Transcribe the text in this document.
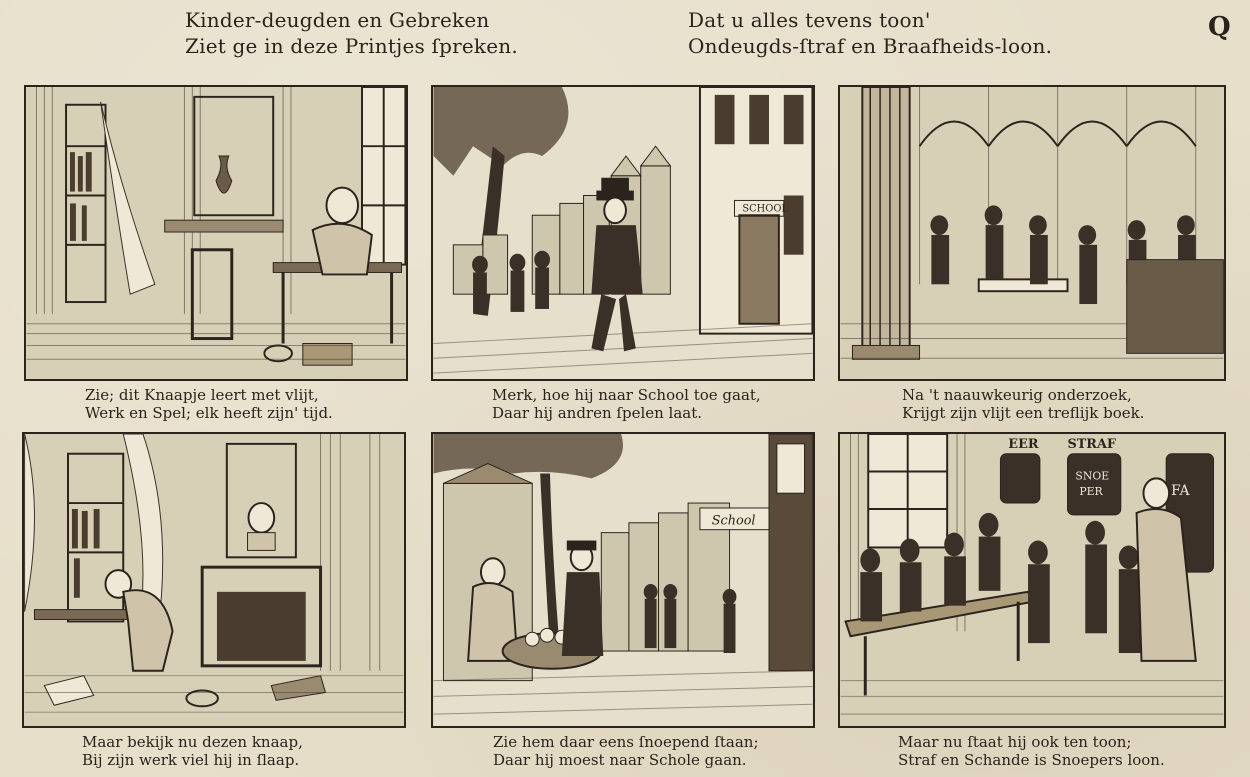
Kinder-deugden en Gebreken
Ziet ge in deze Printjes ſpreken.
Dat u alles tevens toon'
Ondeugds-ſtraf en Braafheids-loon.
Q
Zie; dit Knaapje leert met vlijt,
Werk en Spel; elk heeft zijn' tijd.
SCHOOL
Merk, hoe hij naar School toe gaat,
Daar hij andren ſpelen laat.
Na 't naauwkeurig onderzoek,
Krijgt zijn vlijt een treflijk boek.
Maar bekijk nu dezen knaap,
Bij zijn werk viel hij in ſlaap.
School
Zie hem daar eens ſnoepend ſtaan;
Daar hij moest naar Schole gaan.
EER STRAF
SNOE
PER	FA
Maar nu ſtaat hij ook ten toon;
Straf en Schande is Snoepers loon.
